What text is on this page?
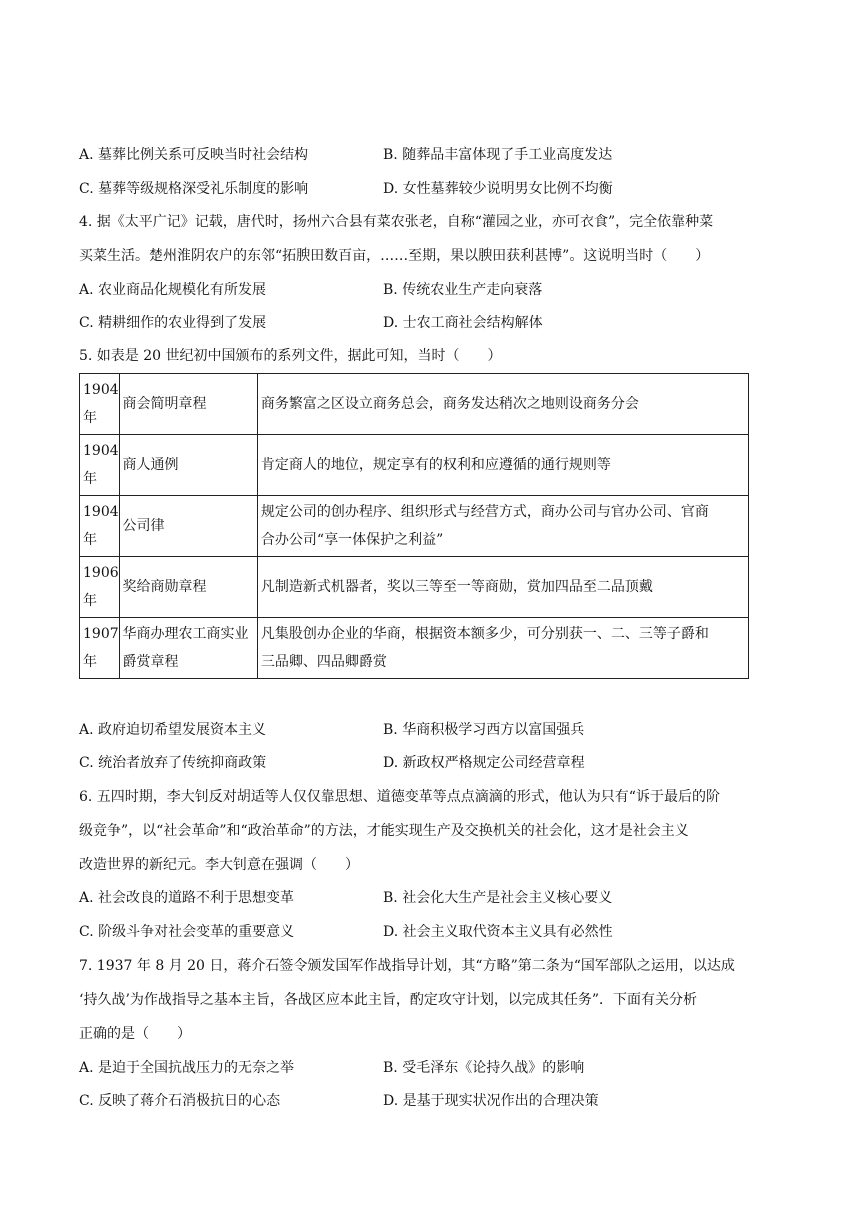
A. 墓葬比例关系可反映当时社会结构	B. 随葬品丰富体现了手工业高度发达
C. 墓葬等级规格深受礼乐制度的影响	D. 女性墓葬较少说明男女比例不均衡
4. 据《太平广记》记载，唐代时，扬州六合县有菜农张老，自称“灌园之业，亦可衣食”，完全依靠种菜
买菜生活。楚州淮阴农户的东邻“拓腴田数百亩，……至期，果以腴田获利甚博”。这说明当时（　　）
A. 农业商品化规模化有所发展	B. 传统农业生产走向衰落
C. 精耕细作的农业得到了发展	D. 士农工商社会结构解体
5. 如表是 20 世纪初中国颁布的系列文件，据此可知，当时（　　）
1904
年	商会简明章程	商务繁富之区设立商务总会，商务发达稍次之地则设商务分会

1904
年	商人通例	肯定商人的地位，规定享有的权利和应遵循的通行规则等

1904
年	公司律	规定公司的创办程序、组织形式与经营方式，商办公司与官办公司、官商
合办公司“享一体保护之利益”

1906
年	奖给商勋章程	凡制造新式机器者，奖以三等至一等商勋，赏加四品至二品顶戴

1907
年	华商办理农工商实业
爵赏章程	凡集股创办企业的华商，根据资本额多少，可分别获一、二、三等子爵和
三品卿、四品卿爵赏
A. 政府迫切希望发展资本主义	B. 华商积极学习西方以富国强兵
C. 统治者放弃了传统抑商政策	D. 新政权严格规定公司经营章程
6. 五四时期，李大钊反对胡适等人仅仅靠思想、道德变革等点点滴滴的形式，他认为只有“诉于最后的阶
级竞争”，以“社会革命”和“政治革命”的方法，才能实现生产及交换机关的社会化，这才是社会主义
改造世界的新纪元。李大钊意在强调（　　）
A. 社会改良的道路不利于思想变革	B. 社会化大生产是社会主义核心要义
C. 阶级斗争对社会变革的重要意义	D. 社会主义取代资本主义具有必然性
7. 1937 年 8 月 20 日，蒋介石签令颁发国军作战指导计划，其“方略”第二条为“国军部队之运用，以达成
‘持久战’为作战指导之基本主旨，各战区应本此主旨，酌定攻守计划，以完成其任务”．下面有关分析
正确的是（　　）
A. 是迫于全国抗战压力的无奈之举	B. 受毛泽东《论持久战》的影响
C. 反映了蒋介石消极抗日的心态	D. 是基于现实状况作出的合理决策
